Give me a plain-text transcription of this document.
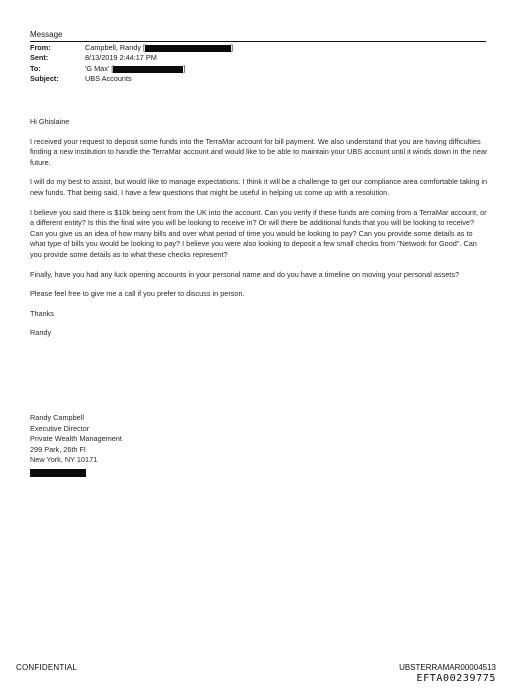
Message
From:	Campbell, Randy [	]
Sent:	8/13/2019 2:44:17 PM
To:	'G Max' [	]
Subject:	UBS Accounts

Hi Ghislaine

I received your request to deposit some funds into the TerraMar account for bill payment. We also understand that you are having difficulties finding a new institution to handle the TerraMar account and would like to be able to maintain your UBS account until it winds down in the near future.

I will do my best to assist, but would like to manage expectations. I think it will be a challenge to get our compliance area comfortable taking in new funds. That being said, I have a few questions that might be useful in helping us come up with a resolution.

I believe you said there is $10k being sent from the UK into the account. Can you verify if these funds are coming from a TerraMar account, or a different entity? Is this the final wire you will be looking to receive in? Or will there be additional funds that you will be looking to receive? Can you give us an idea of how many bills and over what period of time you would be looking to pay? Can you provide some details as to what type of bills you would be looking to pay? I believe you were also looking to deposit a few small checks from "Network for Good". Can you provide some details as to what these checks represent?

Finally, have you had any luck opening accounts in your personal name and do you have a timeline on moving your personal assets?

Please feel free to give me a call if you prefer to discuss in person.

Thanks

Randy

Randy Campbell
Executive Director
Private Wealth Management
299 Park, 26th Fl
New York, NY 10171
CONFIDENTIAL	UBSTERRAMAR00004513
EFTA00239775
